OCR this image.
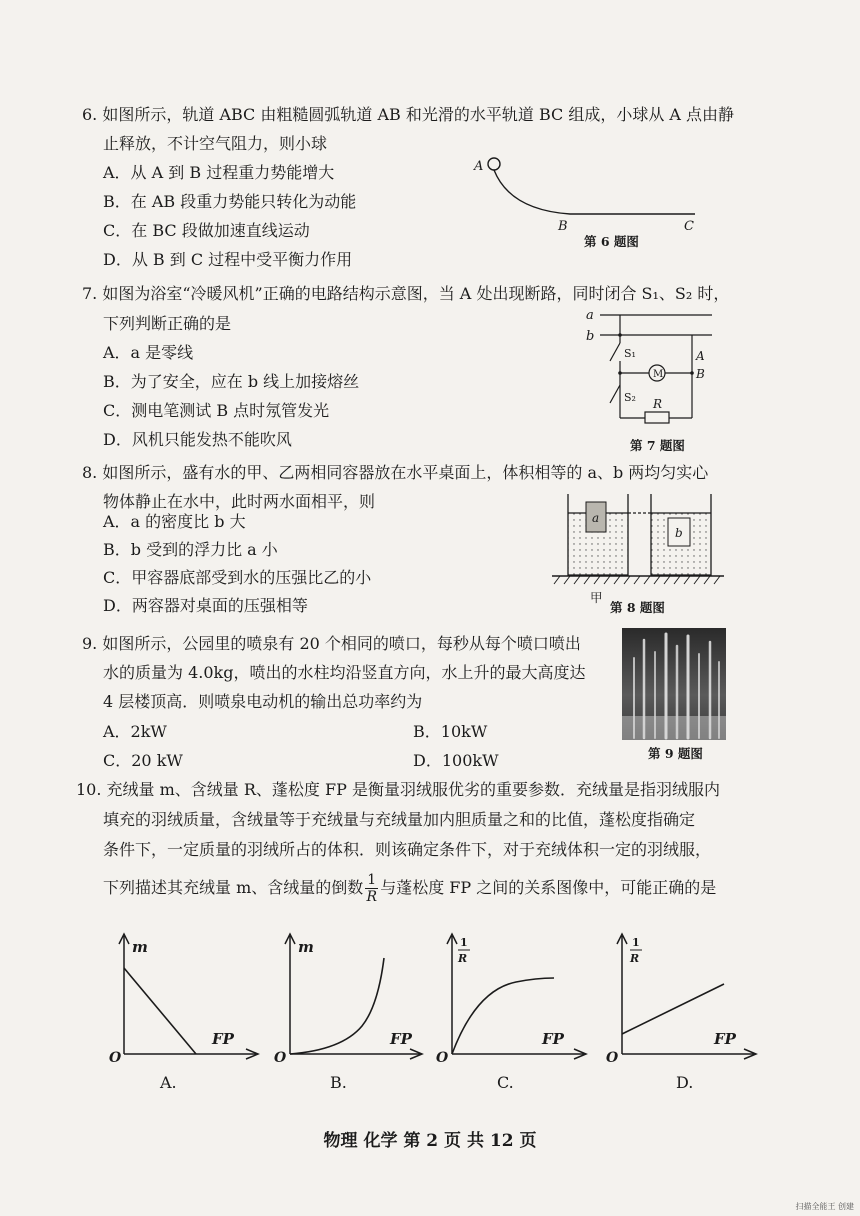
6. 如图所示，轨道 ABC 由粗糙圆弧轨道 AB 和光滑的水平轨道 BC 组成，小球从 A 点由静
止释放，不计空气阻力，则小球
A．从 A 到 B 过程重力势能增大
B．在 AB 段重力势能只转化为动能
C．在 BC 段做加速直线运动
D．从 B 到 C 过程中受平衡力作用
A
B	C
第 6 题图
7. 如图为浴室“冷暖风机”正确的电路结构示意图，当 A 处出现断路，同时闭合 S₁、S₂ 时，
下列判断正确的是
A．a 是零线
B．为了安全，应在 b 线上加接熔丝
C．测电笔测试 B 点时氖管发光
D．风机只能发热不能吹风
a
b
S₁
M
A
B
S₂ R
第 7 题图
8. 如图所示，盛有水的甲、乙两相同容器放在水平桌面上，体积相等的 a、b 两均匀实心
物体静止在水中，此时两水面相平，则
A．a 的密度比 b 大
B．b 受到的浮力比 a 小
C．甲容器底部受到水的压强比乙的小
D．两容器对桌面的压强相等
a
b
甲
第 8 题图
9. 如图所示，公园里的喷泉有 20 个相同的喷口，每秒从每个喷口喷出
水的质量为 4.0kg，喷出的水柱均沿竖直方向，水上升的最大高度达
4 层楼顶高．则喷泉电动机的输出总功率约为
A．2kW	B．10kW
C．20 kW	D．100kW	第 9 题图
10. 充绒量 m、含绒量 R、蓬松度 FP 是衡量羽绒服优劣的重要参数．充绒量是指羽绒服内
填充的羽绒质量，含绒量等于充绒量与充绒量加内胆质量之和的比值，蓬松度指确定
条件下，一定质量的羽绒所占的体积．则该确定条件下，对于充绒体积一定的羽绒服，
下列描述其充绒量 m、含绒量的倒数 $\frac{1}{R}$ 与蓬松度 FP 之间的关系图像中，可能正确的是
m
FP
O
A.
m
FP
O
B.
1
R
FP
O
C.
1
R
FP
O
D.
物理 化学 第 2 页 共 12 页
扫描全能王 创建
